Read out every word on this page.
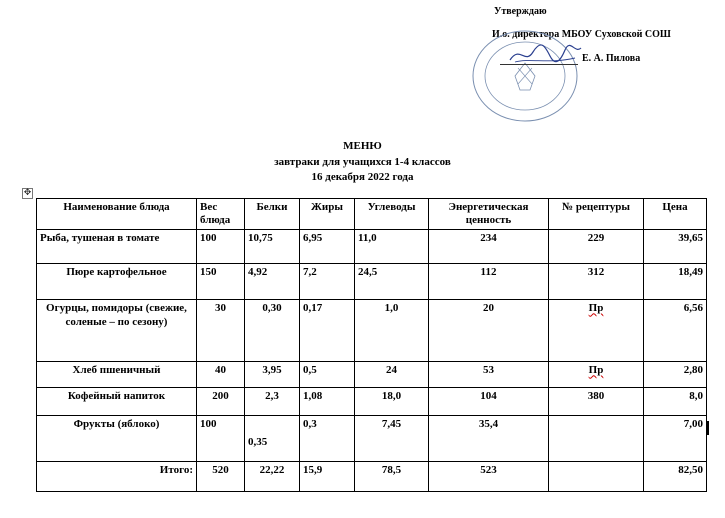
Утверждаю
И.о. директора МБОУ Суховской СОШ
Е. А. Пилова
МЕНЮ
завтраки для учащихся 1-4 классов
16 декабря 2022 года
✥
Наименование блюда	Вес блюда	Белки	Жиры	Углеводы	Энергетическая ценность	№ рецептуры	Цена
Рыба, тушеная в томате	100	10,75	6,95	11,0	234	229	39,65
Пюре картофельное	150	4,92	7,2	24,5	112	312	18,49
Огурцы, помидоры (свежие, соленые – по сезону)	30	0,30	0,17	1,0	20	Пр	6,56
Хлеб пшеничный	40	3,95	0,5	24	53	Пр	2,80
Кофейный напиток	200	2,3	1,08	18,0	104	380	8,0
Фрукты (яблоко)	100	0,35	0,3	7,45	35,4		7,00
Итого:	520	22,22	15,9	78,5	523		82,50
